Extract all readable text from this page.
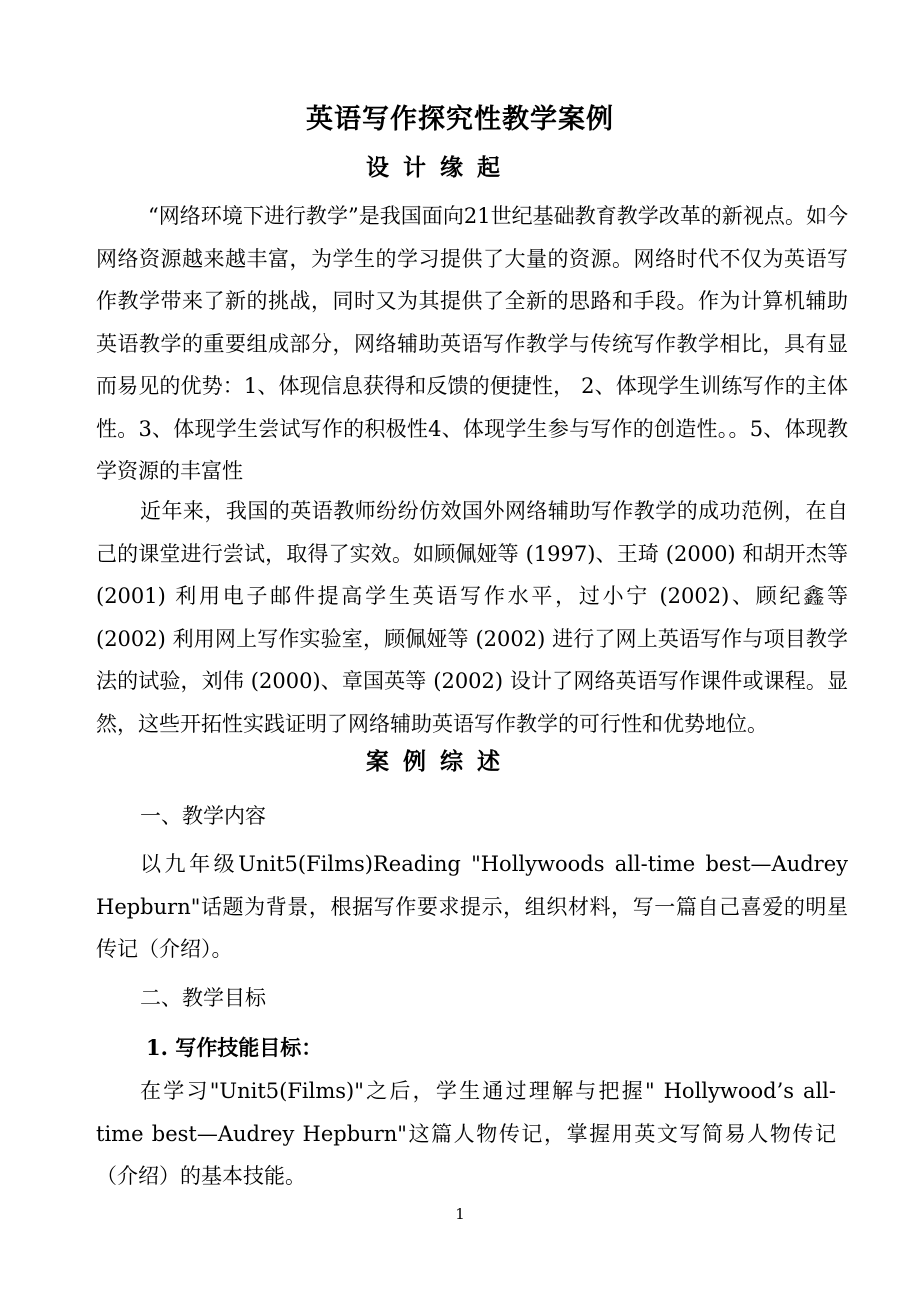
英语写作探究性教学案例
设计缘起

“网络环境下进行教学”是我国面向21世纪基础教育教学改革的新视点。如今网络资源越来越丰富，为学生的学习提供了大量的资源。网络时代不仅为英语写作教学带来了新的挑战，同时又为其提供了全新的思路和手段。作为计算机辅助英语教学的重要组成部分，网络辅助英语写作教学与传统写作教学相比，具有显而易见的优势：1、体现信息获得和反馈的便捷性， 2、体现学生训练写作的主体性。3、体现学生尝试写作的积极性4、体现学生参与写作的创造性。。5、体现教学资源的丰富性

近年来，我国的英语教师纷纷仿效国外网络辅助写作教学的成功范例，在自己的课堂进行尝试，取得了实效。如顾佩娅等 (1997)、王琦 (2000) 和胡开杰等 (2001) 利用电子邮件提高学生英语写作水平，过小宁 (2002)、顾纪鑫等 (2002) 利用网上写作实验室，顾佩娅等 (2002) 进行了网上英语写作与项目教学法的试验，刘伟 (2000)、章国英等 (2002) 设计了网络英语写作课件或课程。显然，这些开拓性实践证明了网络辅助英语写作教学的可行性和优势地位。

案例综述

一、教学内容

以九年级Unit5(Films)Reading "Hollywoods all-time best—Audrey Hepburn"话题为背景，根据写作要求提示，组织材料，写一篇自己喜爱的明星传记（介绍）。

二、教学目标

1. 写作技能目标：

在学习"Unit5(Films)"之后，学生通过理解与把握" Hollywood’s all-time best—Audrey Hepburn"这篇人物传记，掌握用英文写简易人物传记（介绍）的基本技能。

1
